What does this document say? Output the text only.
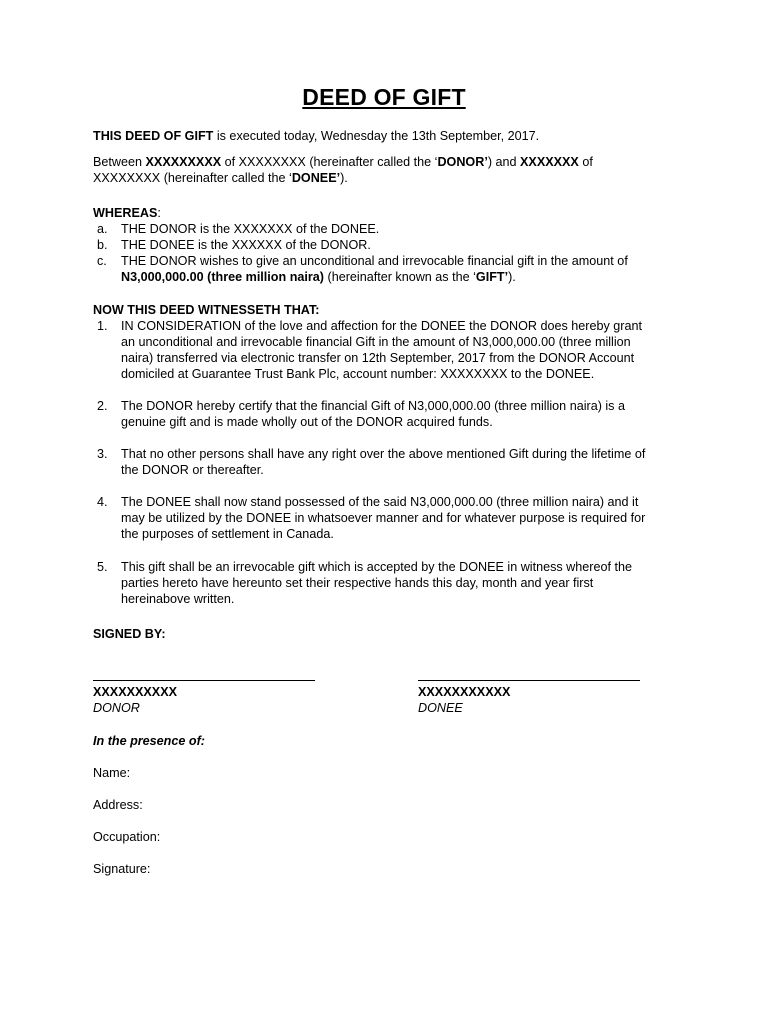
DEED OF GIFT
THIS DEED OF GIFT is executed today, Wednesday the 13th September, 2017.
Between XXXXXXXXX of XXXXXXXX (hereinafter called the ‘DONOR’) and XXXXXXX of
XXXXXXXX (hereinafter called the ‘DONEE’).
WHEREAS:
a. THE DONOR is the XXXXXXX of the DONEE.
b. THE DONEE is the XXXXXX of the DONOR.
c. THE DONOR wishes to give an unconditional and irrevocable financial gift in the amount of
N3,000,000.00 (three million naira) (hereinafter known as the ‘GIFT’).
NOW THIS DEED WITNESSETH THAT:
1. IN CONSIDERATION of the love and affection for the DONEE the DONOR does hereby grant an unconditional and irrevocable financial Gift in the amount of N3,000,000.00 (three million naira) transferred via electronic transfer on 12th September, 2017 from the DONOR Account domiciled at Guarantee Trust Bank Plc, account number: XXXXXXXX to the DONEE.
2. The DONOR hereby certify that the financial Gift of N3,000,000.00 (three million naira) is a genuine gift and is made wholly out of the DONOR acquired funds.
3. That no other persons shall have any right over the above mentioned Gift during the lifetime of the DONOR or thereafter.
4. The DONEE shall now stand possessed of the said N3,000,000.00 (three million naira) and it may be utilized by the DONEE in whatsoever manner and for whatever purpose is required for the purposes of settlement in Canada.
5. This gift shall be an irrevocable gift which is accepted by the DONEE in witness whereof the parties hereto have hereunto set their respective hands this day, month and year first hereinabove written.
SIGNED BY:
XXXXXXXXXX
DONOR
XXXXXXXXXXX
DONEE
In the presence of:
Name:
Address:
Occupation:
Signature:
